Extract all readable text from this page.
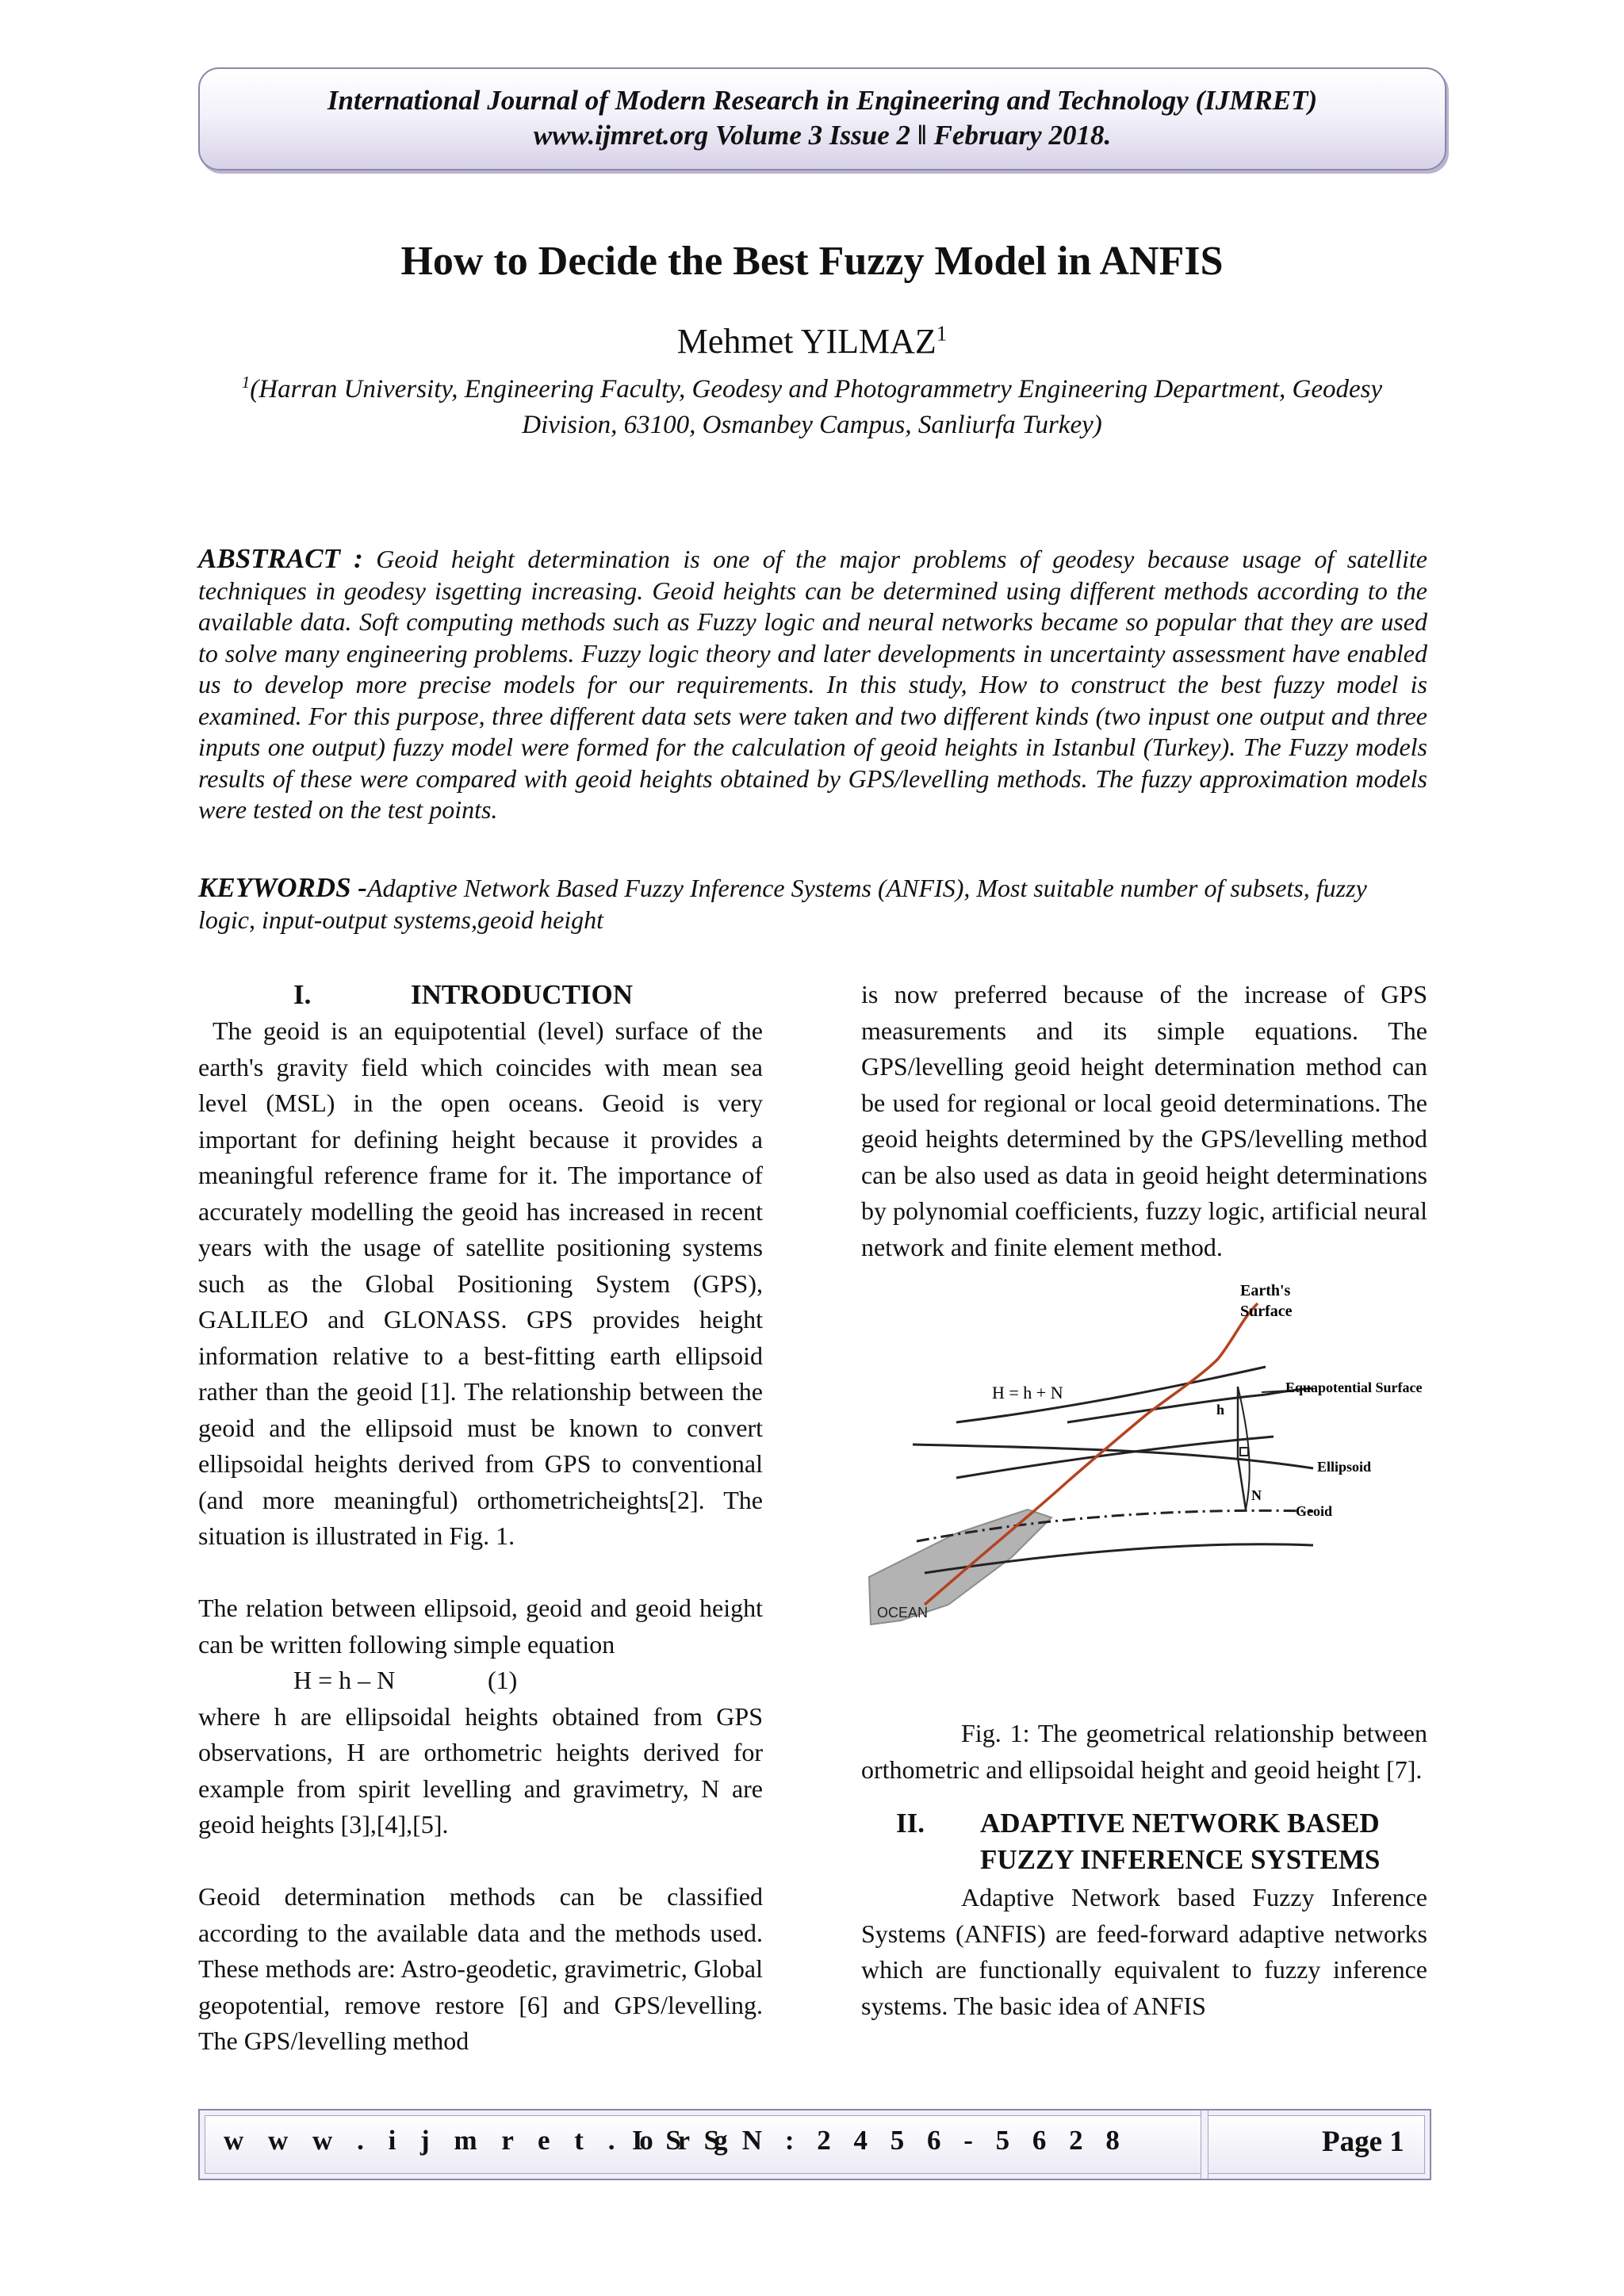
International Journal of Modern Research in Engineering and Technology (IJMRET)
www.ijmret.org Volume 3 Issue 2 ǁ February 2018.
How to Decide the Best Fuzzy Model in ANFIS
Mehmet YILMAZ$^1$
$^1$(Harran University, Engineering Faculty, Geodesy and Photogrammetry Engineering Department, Geodesy Division, 63100, Osmanbey Campus, Sanliurfa Turkey)
ABSTRACT : Geoid height determination is one of the major problems of geodesy because usage of satellite techniques in geodesy isgetting increasing. Geoid heights can be determined using different methods according to the available data. Soft computing methods such as Fuzzy logic and neural networks became so popular that they are used to solve many engineering problems. Fuzzy logic theory and later developments in uncertainty assessment have enabled us to develop more precise models for our requirements. In this study, How to construct the best fuzzy model is examined. For this purpose, three different data sets were taken and two different kinds (two inpust one output and three inputs one output) fuzzy model were formed for the calculation of geoid heights in Istanbul (Turkey). The Fuzzy models results of these were compared with geoid heights obtained by GPS/levelling methods. The fuzzy approximation models were tested on the test points.
KEYWORDS -Adaptive Network Based Fuzzy Inference Systems (ANFIS), Most suitable number of subsets, fuzzy logic, input-output systems,geoid height
I.	INTRODUCTION

The geoid is an equipotential (level) surface of the earth's gravity field which coincides with mean sea level (MSL) in the open oceans. Geoid is very important for defining height because it provides a meaningful reference frame for it. The importance of accurately modelling the geoid has increased in recent years with the usage of satellite positioning systems such as the Global Positioning System (GPS), GALILEO and GLONASS. GPS provides height information relative to a best-fitting earth ellipsoid rather than the geoid [1]. The relationship between the geoid and the ellipsoid must be known to convert ellipsoidal heights derived from GPS to conventional (and more meaningful) orthometricheights[2]. The situation is illustrated in Fig. 1.

The relation between ellipsoid, geoid and geoid height can be written following simple equation

H = h – N	(1)

where h are ellipsoidal heights obtained from GPS observations, H are orthometric heights derived for example from spirit levelling and gravimetry, N are geoid heights [3],[4],[5].

Geoid determination methods can be classified according to the available data and the methods used. These methods are: Astro-geodetic, gravimetric, Global geopotential, remove restore [6] and GPS/levelling. The GPS/levelling method

is now preferred because of the increase of GPS measurements and its simple equations. The GPS/levelling geoid height determination method can be used for regional or local geoid determinations. The geoid heights determined by the GPS/levelling method can be also used as data in geoid height determinations by polynomial coefficients, fuzzy logic, artificial neural network and finite element method.

Earth's
Surface
H = h + N	Equapotential Surface
Ellipsoid
Geoid
h
N
OCEAN

Fig. 1: The geometrical relationship between orthometric and ellipsoidal height and geoid height [7].

II. ADAPTIVE NETWORK BASED
FUZZY INFERENCE SYSTEMS

Adaptive Network based Fuzzy Inference Systems (ANFIS) are feed-forward adaptive networks which are functionally equivalent to fuzzy inference systems. The basic idea of ANFIS

w w w . i j m r e t . o r g
I S S N : 2 4 5 6 - 5 6 2 8	Page 1
